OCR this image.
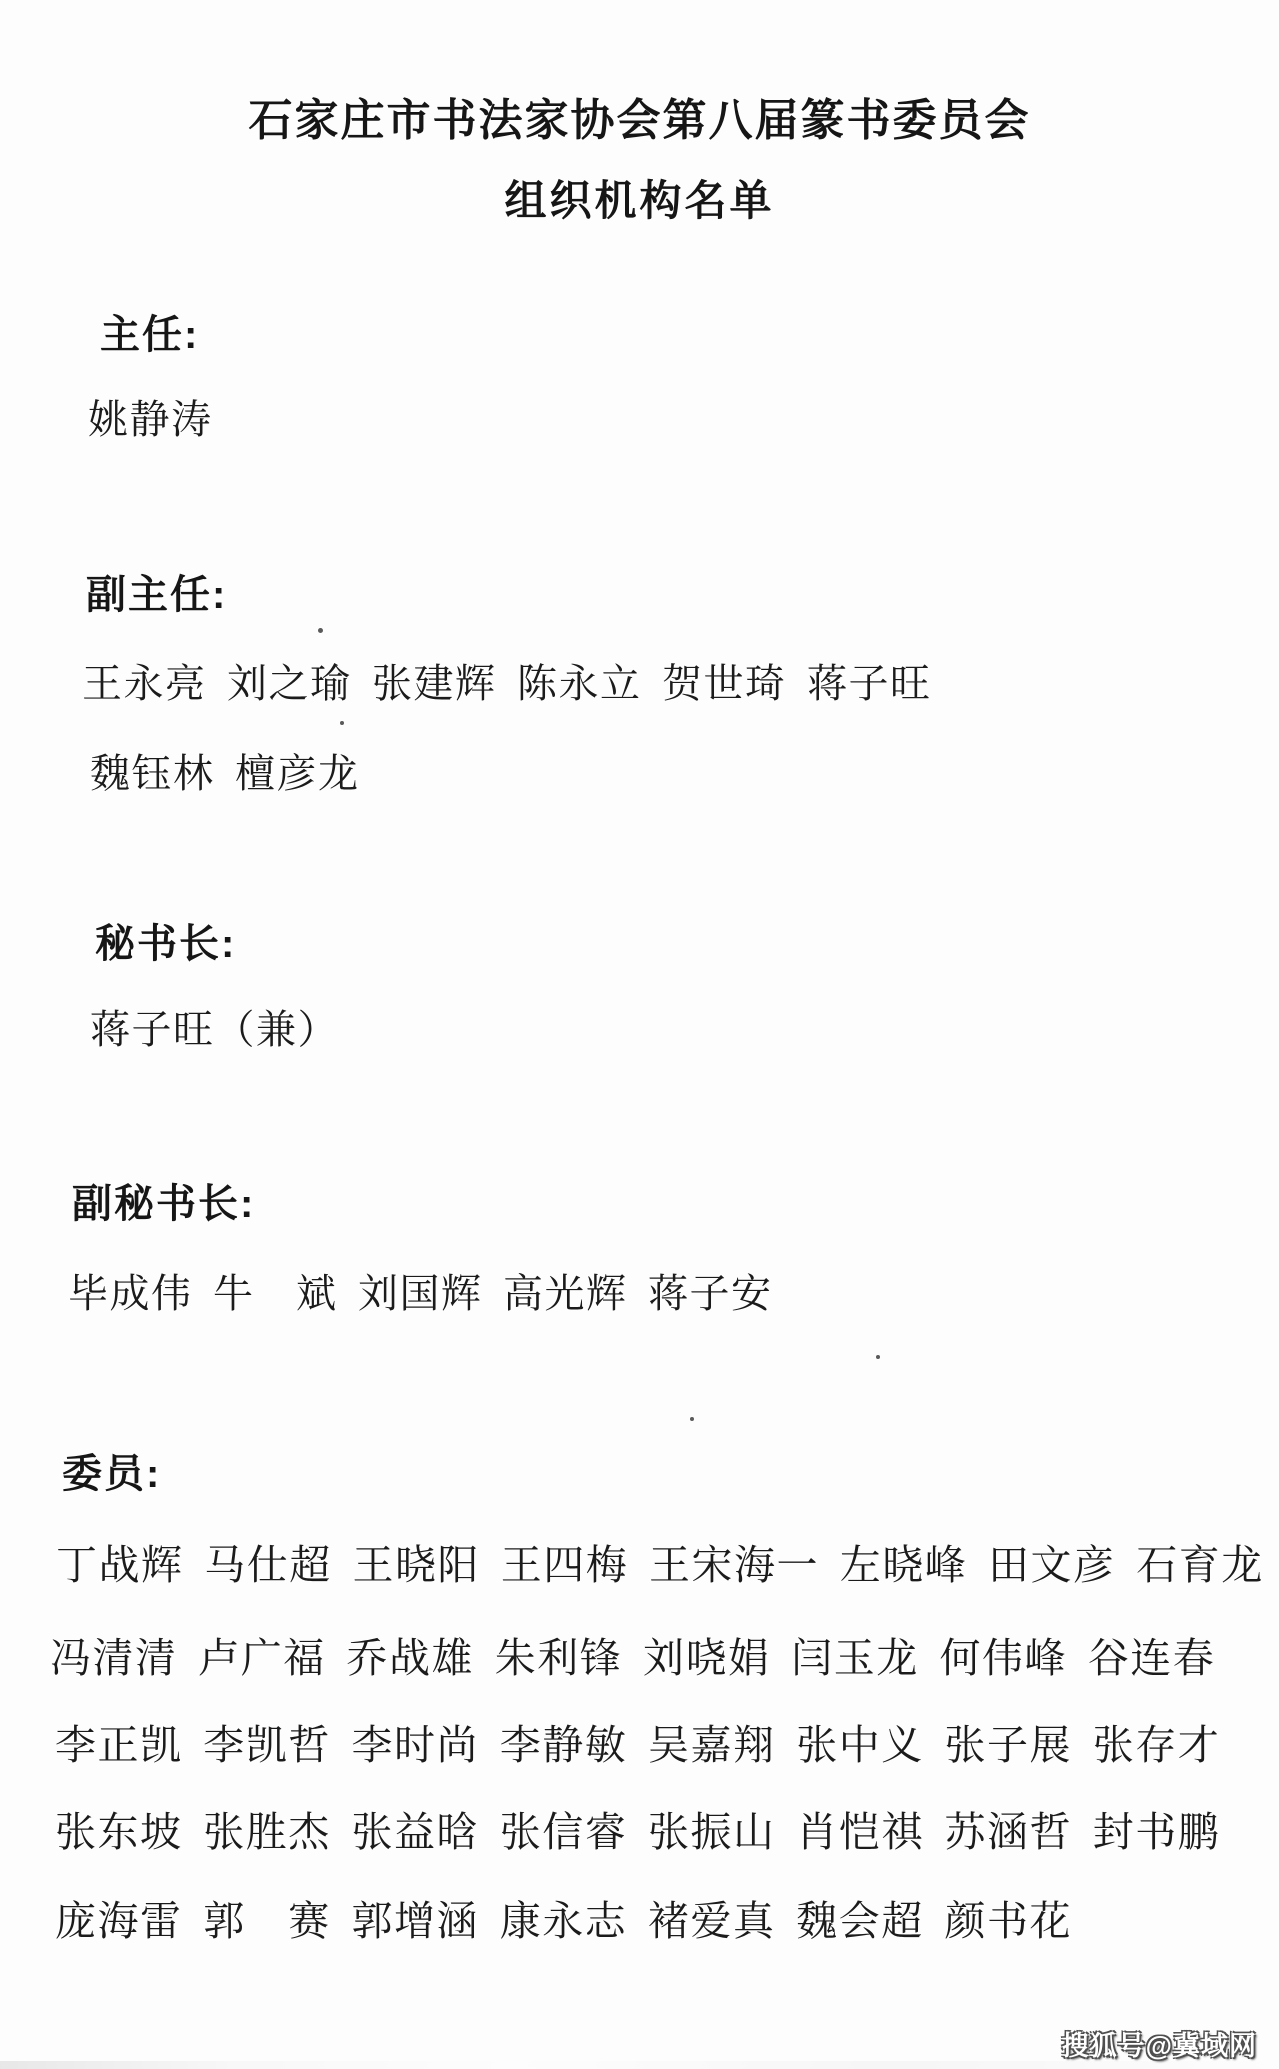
石家庄市书法家协会第八届篆书委员会
组织机构名单
主任:
姚静涛
副主任:
王永亮 刘之瑜 张建辉 陈永立 贺世琦 蒋子旺
魏钰林 檀彦龙
秘书长:
蒋子旺（兼）
副秘书长:
毕成伟 牛　斌 刘国辉 高光辉 蒋子安
委员:
丁战辉 马仕超 王晓阳 王四梅 王宋海一 左晓峰 田文彦 石育龙
冯清清 卢广福 乔战雄 朱利锋 刘哓娟 闫玉龙 何伟峰 谷连春
李正凯 李凯哲 李时尚 李静敏 吴嘉翔 张中义 张子展 张存才
张东坡 张胜杰 张益晗 张信睿 张振山 肖恺祺 苏涵哲 封书鹏
庞海雷 郭　赛 郭增涵 康永志 褚爱真 魏会超 颜书花
搜狐号@冀域网
